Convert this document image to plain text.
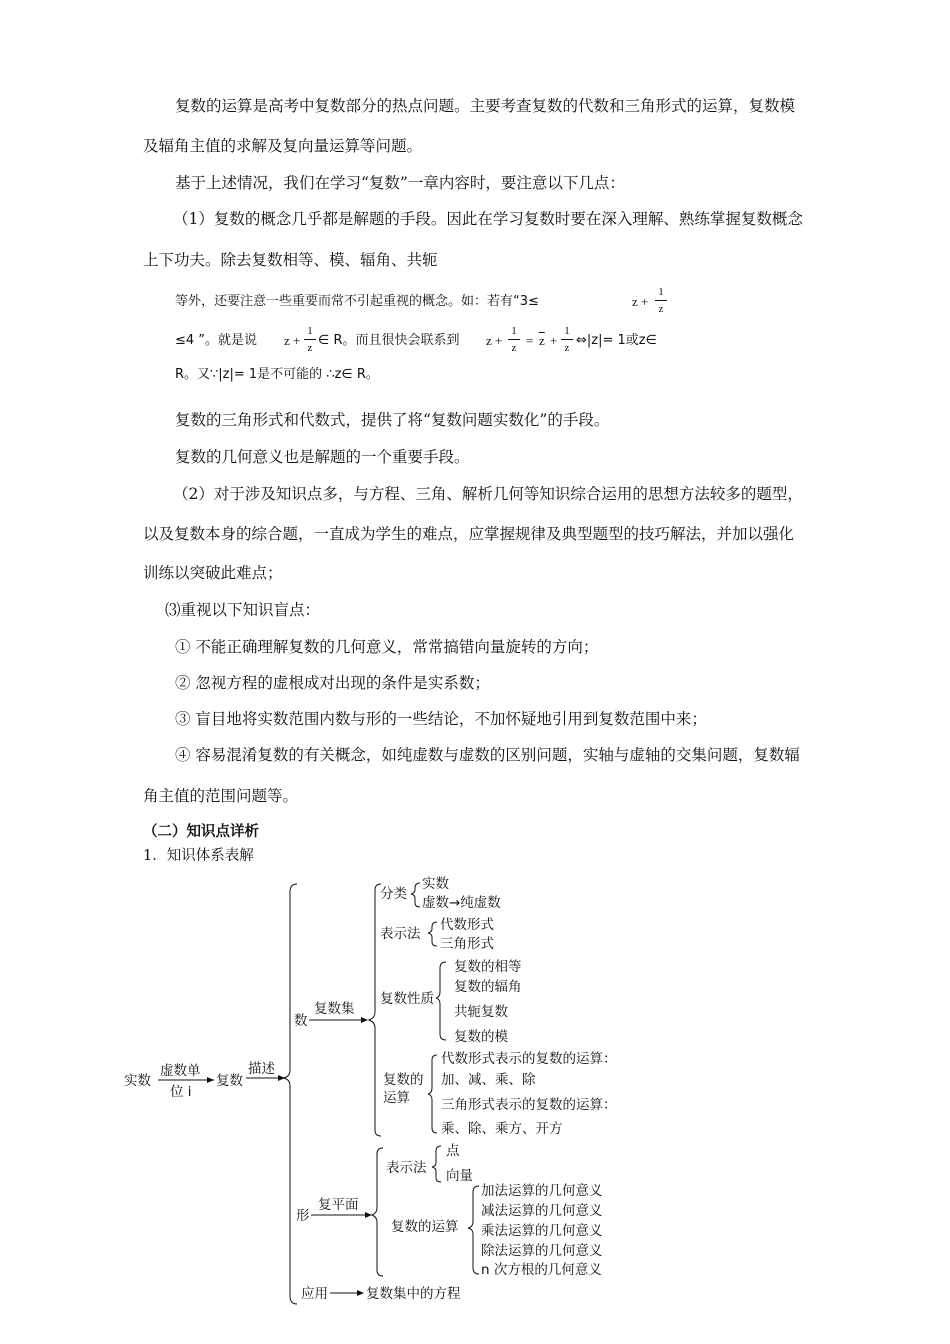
复数的运算是高考中复数部分的热点问题。主要考查复数的代数和三角形式的运算，复数模
及辐角主值的求解及复向量运算等问题。
基于上述情况，我们在学习“复数”一章内容时，要注意以下几点：
（1）复数的概念几乎都是解题的手段。因此在学习复数时要在深入理解、熟练掌握复数概念
上下功夫。除去复数相等、模、辐角、共轭
等外，还要注意一些重要而常不引起重视的概念。如：若有“3≤	z +
1
z
≤4 ”。就是说 z +
1
z ∈ R。而且很快会联系到 z +
1
$z = \overline{z}$ +
1
z ⇔|z|= 1或z∈
R。又∵|z|= 1是不可能的 ∴z∈ R。
复数的三角形式和代数式，提供了将“复数问题实数化”的手段。
复数的几何意义也是解题的一个重要手段。
（2）对于涉及知识点多，与方程、三角、解析几何等知识综合运用的思想方法较多的题型，
以及复数本身的综合题，一直成为学生的难点，应掌握规律及典型题型的技巧解法，并加以强化
训练以突破此难点；
⑶重视以下知识盲点：
① 不能正确理解复数的几何意义，常常搞错向量旋转的方向；
② 忽视方程的虚根成对出现的条件是实系数；
③ 盲目地将实数范围内数与形的一些结论，不加怀疑地引用到复数范围中来；
④ 容易混淆复数的有关概念，如纯虚数与虚数的区别问题，实轴与虚轴的交集问题，复数辐
角主值的范围问题等。
（二）知识点详析
1．知识体系表解
实数
虚数单
位 i
复数
描述
数
复数集
分类
实数
虚数→纯虚数
表示法
代数形式
三角形式
复数性质
复数的相等
复数的辐角
共轭复数
复数的模
复数的
运算
代数形式表示的复数的运算：
加、减、乘、除
三角形式表示的复数的运算：
乘、除、乘方、开方
形
复平面
表示法
点
向量
复数的运算
加法运算的几何意义
减法运算的几何意义
乘法运算的几何意义
除法运算的几何意义
n 次方根的几何意义
应用	复数集中的方程
